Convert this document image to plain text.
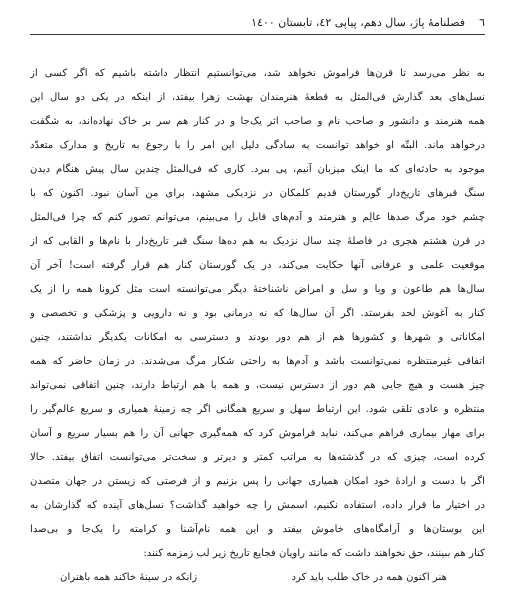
٦
فصلنامهٔ پاژ، سال دهم، پیاپی ٤٢، تابستان ١٤٠٠
به نظر می‌رسد تا قرن‌ها فراموش نخواهد شد، می‌توانستیم انتظار داشته باشیم که اگر کسی از
نسل‌های بعد گذارش فی‌المثل به قطعهٔ هنرمندان بهشت زهرا بیفتد، از اینکه در یکی دو سال این
همه هنرمند و دانشور و صاحب نام و صاحب اثر یک‌جا و در کنار هم سر بر خاک نهاده‌اند، به شگفت
درخواهد ماند. البتّه او خواهد توانست به سادگی دلیل این امر را با رجوع به تاریخ و مدارک متعدّد
موجود به حادثه‌ای که ما اینک میزبان آنیم، پی ببرد. کاری که فی‌المثل چندین سال پیش هنگام دیدن
سنگ قبرهای تاریخ‌دار گورستان قدیم کلمکان در نزدیکی مشهد، برای من آسان نبود. اکنون که با
چشم خود مرگ صدها عالِم و هنرمند و آدم‌های قابل را می‌بینم، می‌توانم تصور کنم که چرا فی‌المثل
در قرن هشتم هجری در فاصلهٔ چند سال نزدیک به هم ده‌ها سنگ قبر تاریخ‌دار با نام‌ها و القابی که از
موقعیت علمی و عرفانی آنها حکایت می‌کند، در یک گورستان کنار هم قرار گرفته است! آخر آن
سال‌ها هم طاعون و وبا و سل و امراض ناشناختهٔ دیگر می‌توانسته است مثل کرونا همه را از یک
کنار به آغوش لحد بفرستد. اگر آن سال‌ها که نه درمانی بود و نه دارویی و پزشکی و تخصصی و
امکاناتی و شهرها و کشورها هم از هم دور بودند و دسترسی به امکانات یکدیگر نداشتند، چنین
اتفاقی غیرمنتظره نمی‌توانست باشد و آدم‌ها به راحتی شکار مرگ می‌شدند. در زمان حاضر که همه
چیز هست و هیچ جایی هم دور از دسترس نیست، و همه با هم ارتباط دارند، چنین اتفاقی نمی‌تواند
منتظره و عادی تلقی شود. این ارتباط سهل و سریع همگانی اگر چه زمینهٔ همیاری و سریع عالم‌گیر را
برای مهار بیماری فراهم می‌کند، نباید فراموش کرد که همه‌گیری جهانی آن را هم بسیار سریع و آسان
کرده است، چیزی که در گذشته‌ها به مراتب کمتر و دیرتر و سخت‌تر می‌توانست اتفاق بیفتد. حالا
اگر با دست و ارادهٔ خود امکان همیاری جهانی را پس بزنیم و از فرصتی که زیستن در جهان متصدن
در اختیار ما قرار داده، استفاده نکنیم، اسمش را چه خواهید گذاشت؟ نسل‌های آینده که گذارشان به
این بوستان‌ها و آرامگاه‌های خاموش بیفتد و این همه نام‌آشنا و کرامته را یک‌جا و بی‌صدا
کنار هم ببینند، حق نخواهند داشت که مانند راویان فجایع تاریخ زیر لب زمزمه کنند:
هنر اکنون همه در خاک طلب باید کرد
زانکه در سینهٔ خاکند همه باهنران
